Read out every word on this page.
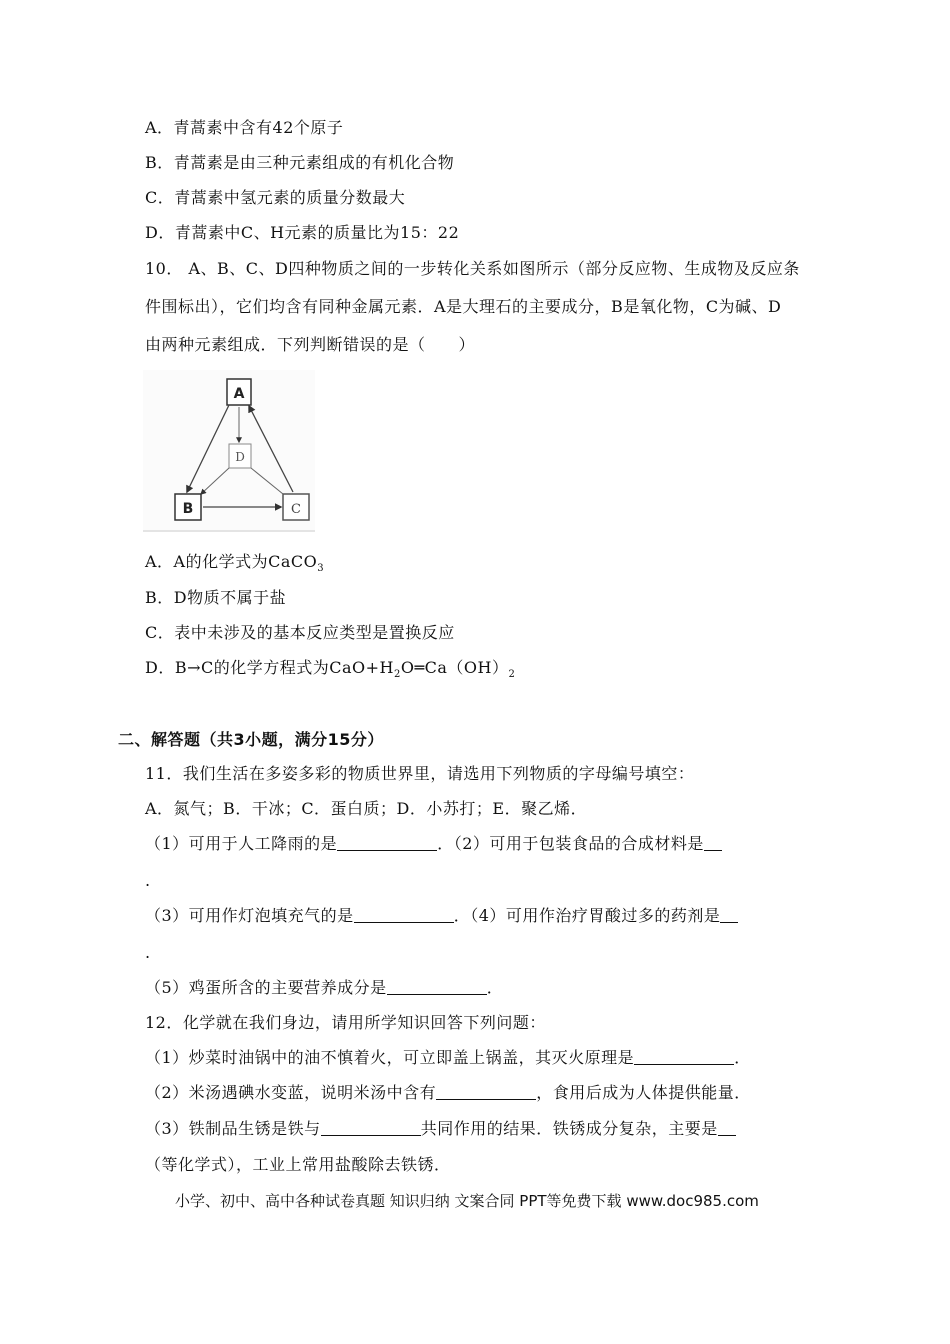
A．青蒿素中含有42个原子
B．青蒿素是由三种元素组成的有机化合物
C．青蒿素中氢元素的质量分数最大
D．青蒿素中C、H元素的质量比为15：22
10． A、B、C、D四种物质之间的一步转化关系如图所示（部分反应物、生成物及反应条
件围标出），它们均含有同种金属元素．A是大理石的主要成分，B是氧化物，C为碱、D
由两种元素组成．下列判断错误的是（　　）
A
D
B	C
A．A的化学式为CaCO$_3$
B．D物质不属于盐
C．表中未涉及的基本反应类型是置换反应
D．B→C的化学方程式为$CaO+H_2O═Ca(OH)_2$
二、解答题（共3小题，满分15分）
11．我们生活在多姿多彩的物质世界里，请选用下列物质的字母编号填空：
A．氮气；B．干冰；C．蛋白质；D．小苏打；E．聚乙烯．
（1）可用于人工降雨的是	．（2）可用于包装食品的合成材料是
.
（3）可用作灯泡填充气的是	．（4）可用作治疗胃酸过多的药剂是
.
（5）鸡蛋所含的主要营养成分是	．
12．化学就在我们身边，请用所学知识回答下列问题：
（1）炒菜时油锅中的油不慎着火，可立即盖上锅盖，其灭火原理是	．
（2）米汤遇碘水变蓝，说明米汤中含有	，食用后成为人体提供能量．
（3）铁制品生锈是铁与	共同作用的结果．铁锈成分复杂，主要是
（等化学式），工业上常用盐酸除去铁锈．
小学、初中、高中各种试卷真题 知识归纳 文案合同 PPT等免费下载 www.doc985.com
